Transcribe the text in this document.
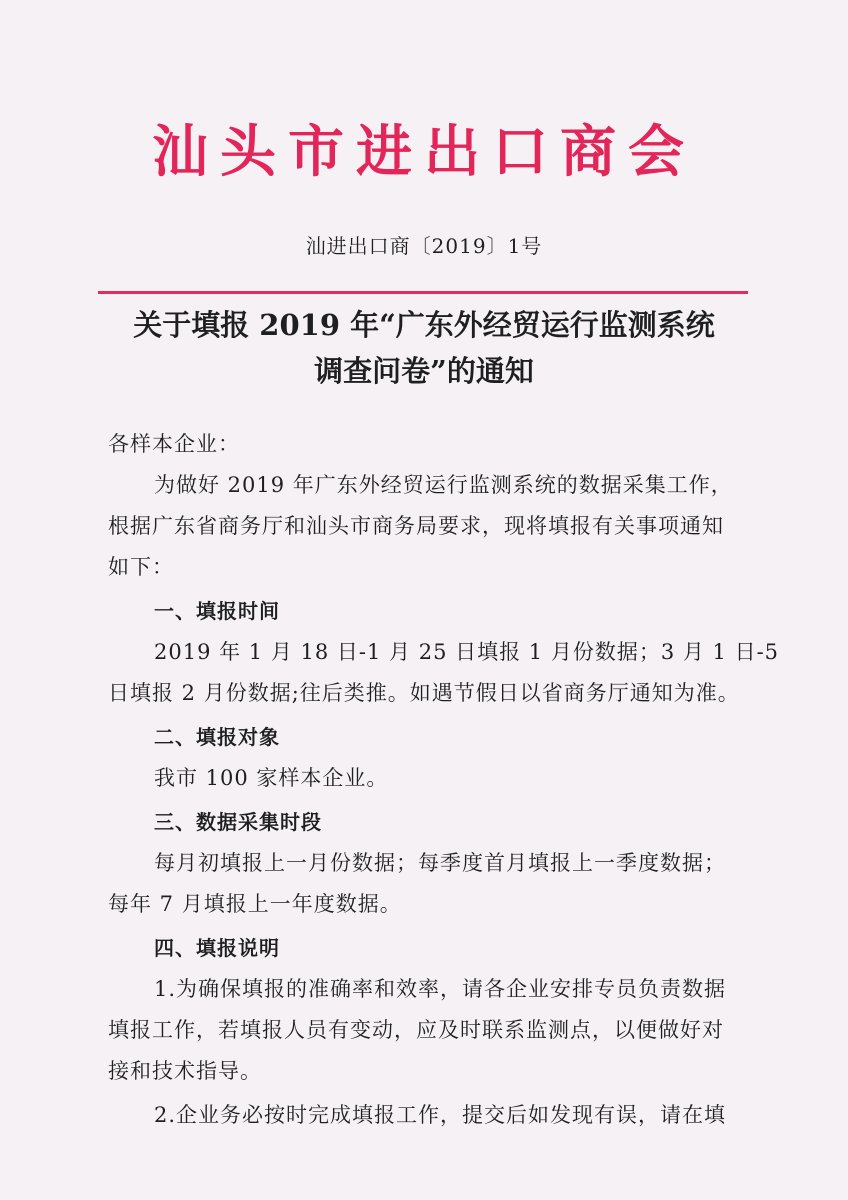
汕头市进出口商会
汕进出口商〔2019〕1号
关于填报 2019 年“广东外经贸运行监测系统
调查问卷”的通知
各样本企业：
为做好 2019 年广东外经贸运行监测系统的数据采集工作，
根据广东省商务厅和汕头市商务局要求，现将填报有关事项通知
如下：
一、填报时间
2019 年 1 月 18 日-1 月 25 日填报 1 月份数据；3 月 1 日-5
日填报 2 月份数据;往后类推。如遇节假日以省商务厅通知为准。
二、填报对象
我市 100 家样本企业。
三、数据采集时段
每月初填报上一月份数据；每季度首月填报上一季度数据；
每年 7 月填报上一年度数据。
四、填报说明
1.为确保填报的准确率和效率，请各企业安排专员负责数据
填报工作，若填报人员有变动，应及时联系监测点，以便做好对
接和技术指导。
2.企业务必按时完成填报工作，提交后如发现有误，请在填
